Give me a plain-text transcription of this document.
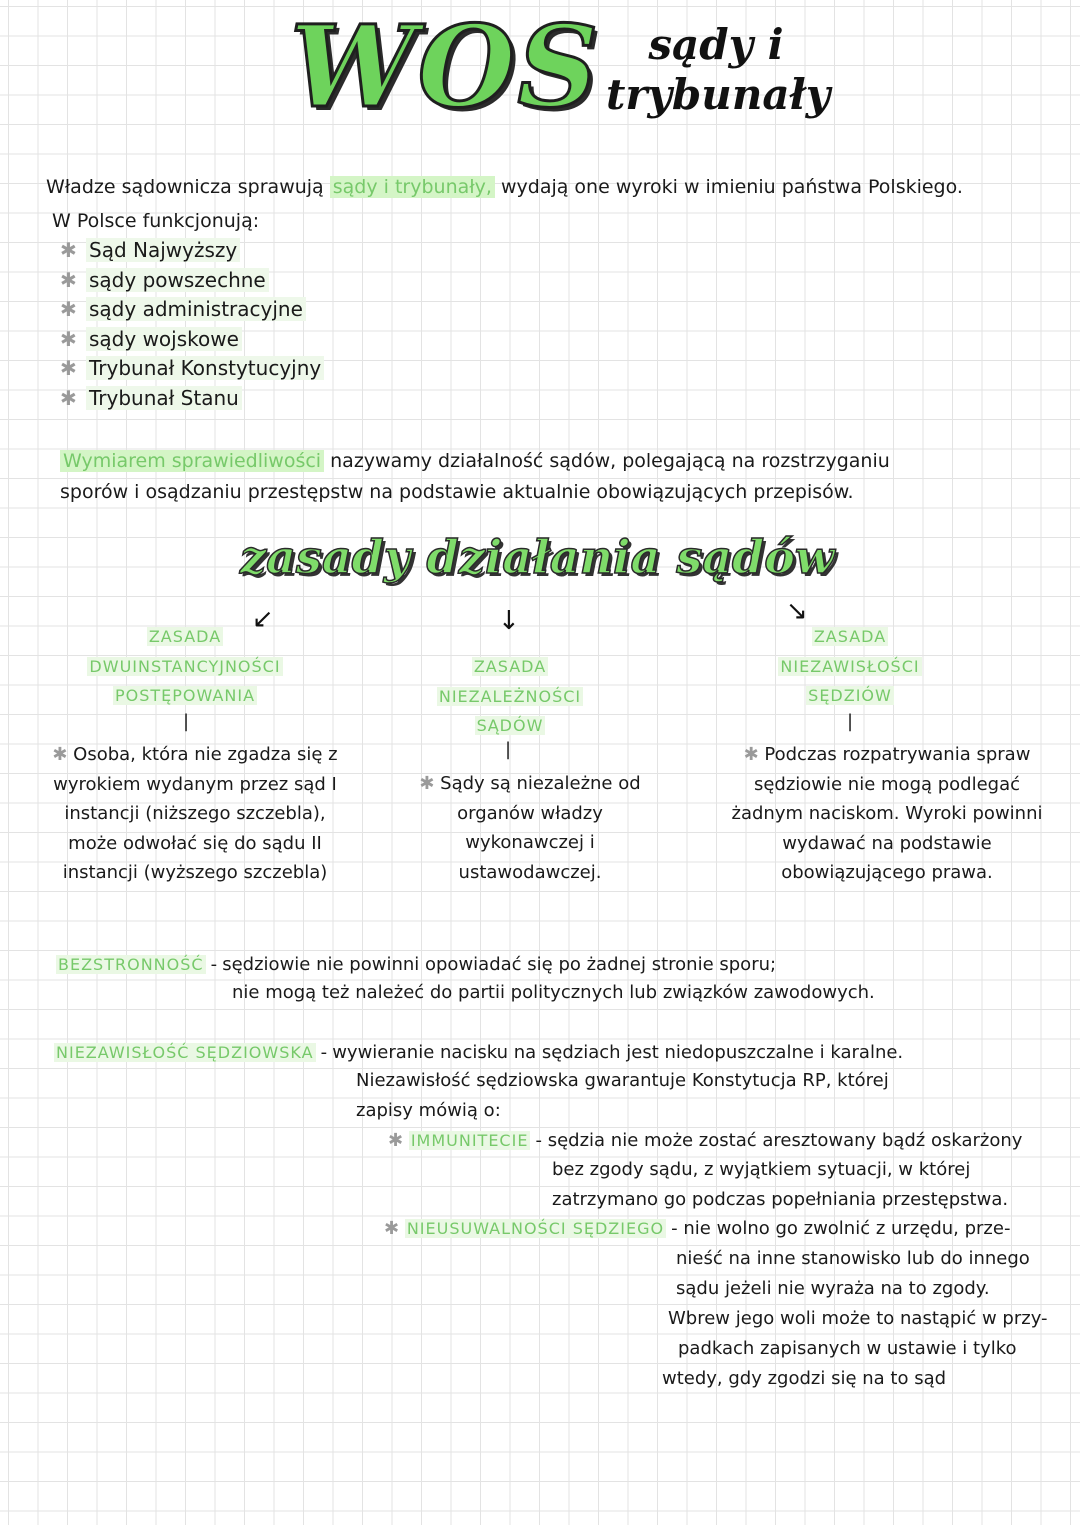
WOS	sądy i
trybunały
Władze sądownicza sprawują sądy i trybunały, wydają one wyroki w imieniu państwa Polskiego.
W Polsce funkcjonują:
✱ Sąd Najwyższy
✱ sądy powszechne
✱ sądy administracyjne
✱ sądy wojskowe
✱ Trybunał Konstytucyjny
✱ Trybunał Stanu
Wymiarem sprawiedliwości nazywamy działalność sądów, polegającą na rozstrzyganiu sporów i osądzaniu przestępstw na podstawie aktualnie obowiązujących przepisów.
zasady działania sądów
↙	↓	↘
ZASADA
DWUINSTANCYJNOŚCI
POSTĘPOWANIA
|
✱ Osoba, która nie zgadza się z wyrokiem wydanym przez sąd I instancji (niższego szczebla), może odwołać się do sądu II instancji (wyższego szczebla)
ZASADA
NIEZALEŻNOŚCI
SĄDÓW
|
✱ Sądy są niezależne od organów władzy wykonawczej i ustawodawczej.
ZASADA
NIEZAWISŁOŚCI
SĘDZIÓW
|
✱ Podczas rozpatrywania spraw sędziowie nie mogą podlegać żadnym naciskom. Wyroki powinni wydawać na podstawie obowiązującego prawa.
BEZSTRONNOŚĆ - sędziowie nie powinni opowiadać się po żadnej stronie sporu;
nie mogą też należeć do partii politycznych lub związków zawodowych.
NIEZAWISŁOŚĆ SĘDZIOWSKA - wywieranie nacisku na sędziach jest niedopuszczalne i karalne.
Niezawisłość sędziowska gwarantuje Konstytucja RP, której
zapisy mówią o:
✱ IMMUNITECIE - sędzia nie może zostać aresztowany bądź oskarżony
bez zgody sądu, z wyjątkiem sytuacji, w której
zatrzymano go podczas popełniania przestępstwa.
✱ NIEUSUWALNOŚCI SĘDZIEGO - nie wolno go zwolnić z urzędu, prze-
nieść na inne stanowisko lub do innego
sądu jeżeli nie wyraża na to zgody.
Wbrew jego woli może to nastąpić w przy-
padkach zapisanych w ustawie i tylko
wtedy, gdy zgodzi się na to sąd
